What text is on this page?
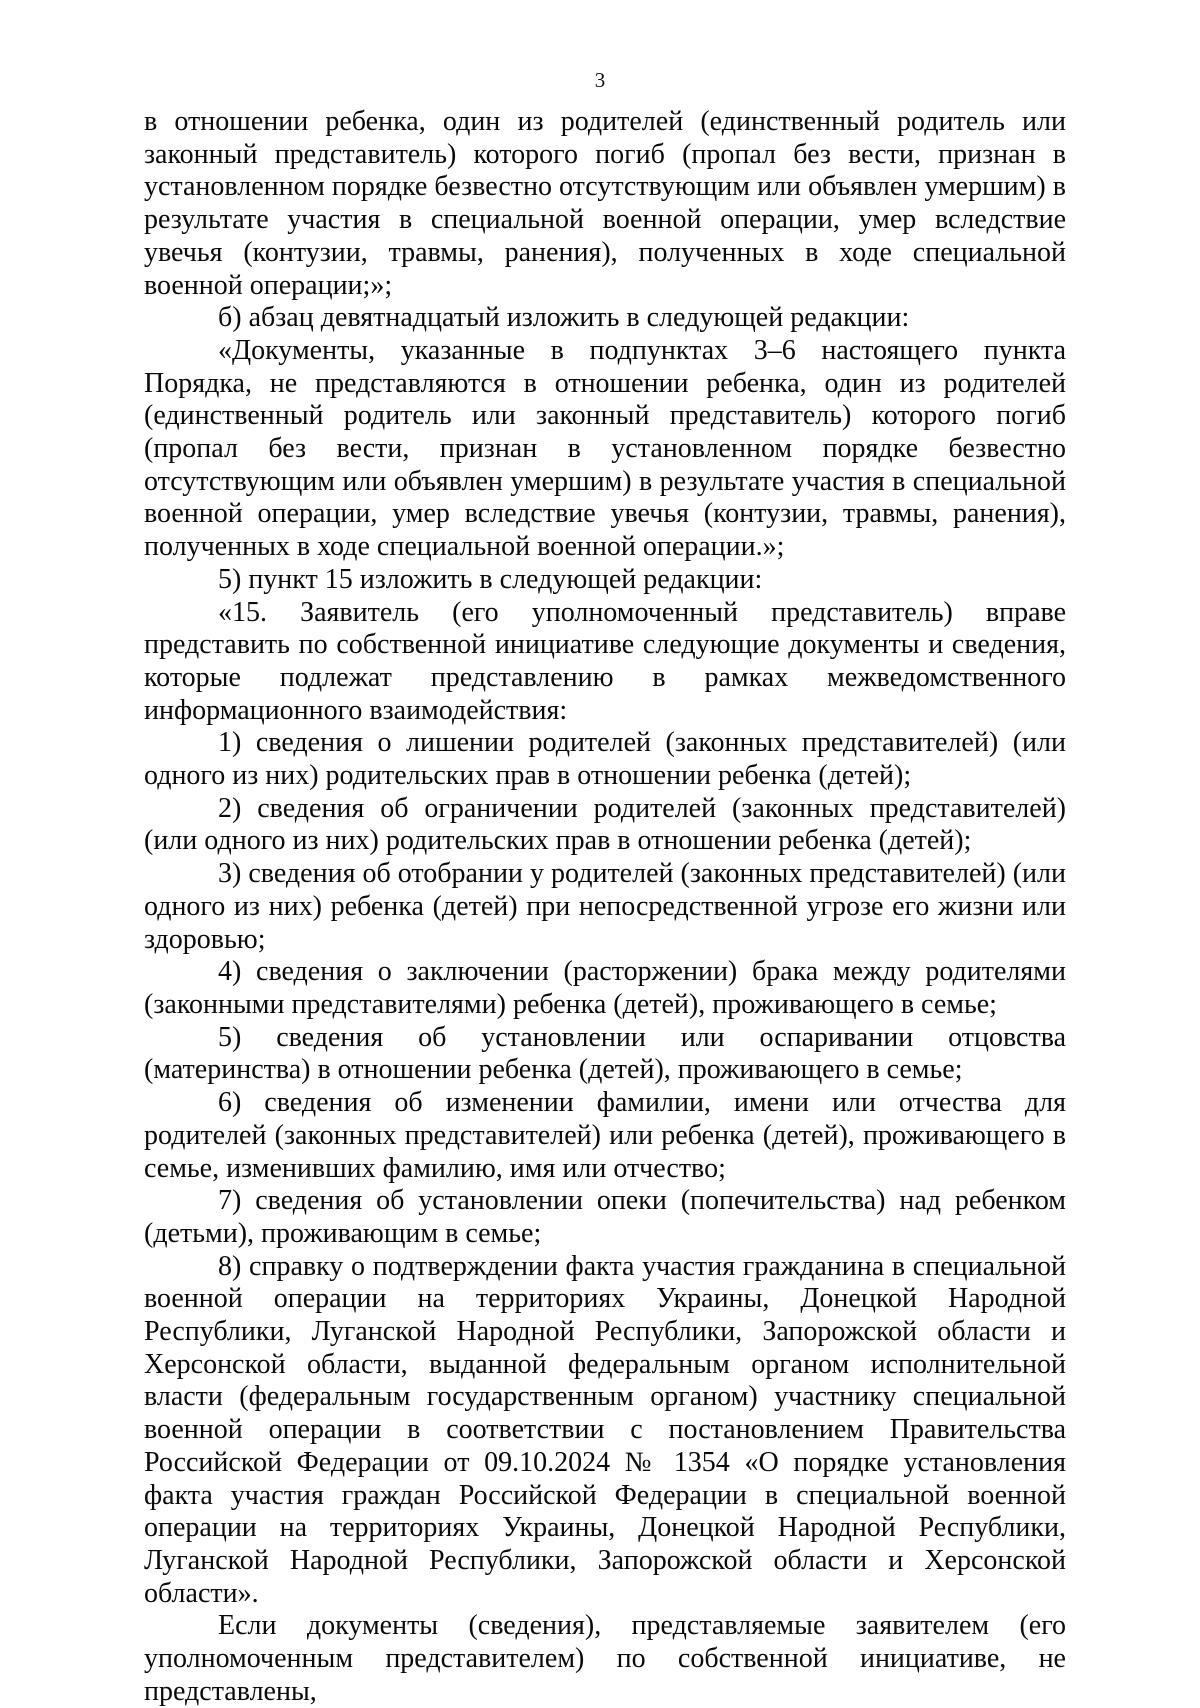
3

в отношении ребенка, один из родителей (единственный родитель или законный представитель) которого погиб (пропал без вести, признан в установленном порядке безвестно отсутствующим или объявлен умершим) в результате участия в специальной военной операции, умер вследствие увечья (контузии, травмы, ранения), полученных в ходе специальной военной операции;»;

б) абзац девятнадцатый изложить в следующей редакции:

«Документы, указанные в подпунктах 3–6 настоящего пункта Порядка, не представляются в отношении ребенка, один из родителей (единственный родитель или законный представитель) которого погиб (пропал без вести, признан в установленном порядке безвестно отсутствующим или объявлен умершим) в результате участия в специальной военной операции, умер вследствие увечья (контузии, травмы, ранения), полученных в ходе специальной военной операции.»;

5) пункт 15 изложить в следующей редакции:

«15. Заявитель (его уполномоченный представитель) вправе представить по собственной инициативе следующие документы и сведения, которые подлежат представлению в рамках межведомственного информационного взаимодействия:

1) сведения о лишении родителей (законных представителей) (или одного из них) родительских прав в отношении ребенка (детей);

2) сведения об ограничении родителей (законных представителей) (или одного из них) родительских прав в отношении ребенка (детей);

3) сведения об отобрании у родителей (законных представителей) (или одного из них) ребенка (детей) при непосредственной угрозе его жизни или здоровью;

4) сведения о заключении (расторжении) брака между родителями (законными представителями) ребенка (детей), проживающего в семье;

5) сведения об установлении или оспаривании отцовства (материнства) в отношении ребенка (детей), проживающего в семье;

6) сведения об изменении фамилии, имени или отчества для родителей (законных представителей) или ребенка (детей), проживающего в семье, изменивших фамилию, имя или отчество;

7) сведения об установлении опеки (попечительства) над ребенком (детьми), проживающим в семье;

8) справку о подтверждении факта участия гражданина в специальной военной операции на территориях Украины, Донецкой Народной Республики, Луганской Народной Республики, Запорожской области и Херсонской области, выданной федеральным органом исполнительной власти (федеральным государственным органом) участнику специальной военной операции в соответствии с постановлением Правительства Российской Федерации от 09.10.2024 № 1354 «О порядке установления факта участия граждан Российской Федерации в специальной военной операции на территориях Украины, Донецкой Народной Республики, Луганской Народной Республики, Запорожской области и Херсонской области».

Если документы (сведения), представляемые заявителем (его уполномоченным представителем) по собственной инициативе, не представлены,
